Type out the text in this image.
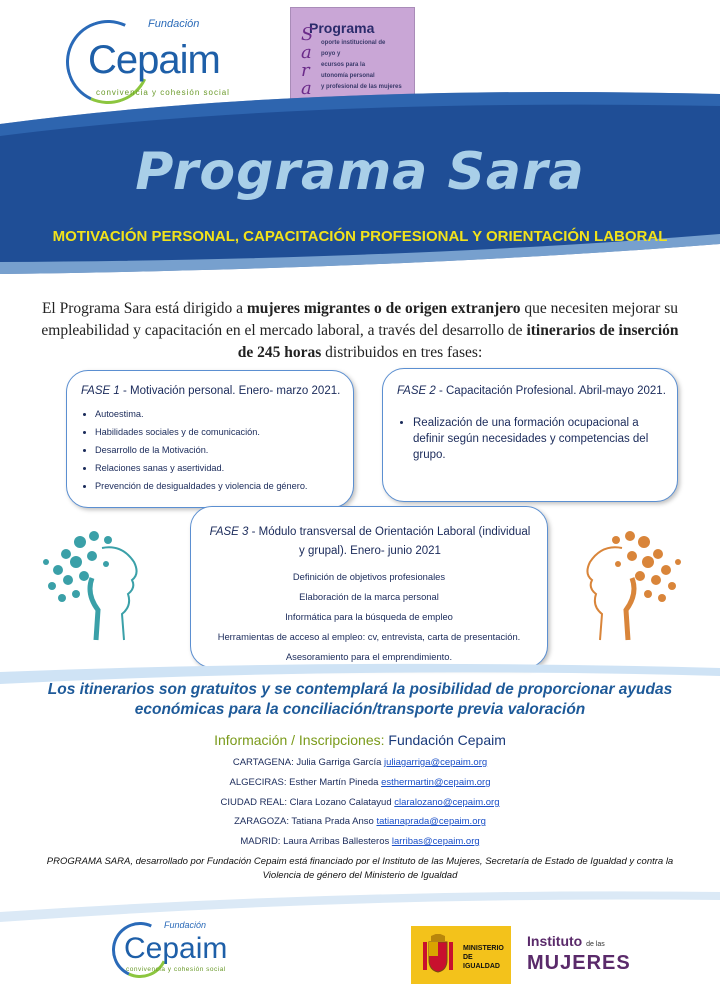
Fundación
Cepaim
convivencia y cohesión social
Programa
Sara
oporte institucional de
poyo y
ecursos para la
utonomía personal
y profesional de las mujeres
Programa Sara
MOTIVACIÓN PERSONAL, CAPACITACIÓN PROFESIONAL Y ORIENTACIÓN LABORAL
El Programa Sara está dirigido a mujeres migrantes o de origen extranjero que necesiten mejorar su empleabilidad y capacitación en el mercado laboral, a través del desarrollo de itinerarios de inserción de 245 horas distribuidos en tres fases:
FASE 1 - Motivación personal. Enero- marzo 2021.
• Autoestima.
• Habilidades sociales y de comunicación.
• Desarrollo de la Motivación.
• Relaciones sanas y asertividad.
• Prevención de desigualdades y violencia de género.
FASE 2 - Capacitación Profesional. Abril-mayo 2021.
• Realización de una formación ocupacional a definir según necesidades y competencias del grupo.
FASE 3 - Módulo transversal de Orientación Laboral (individual y grupal). Enero- junio 2021
Definición de objetivos profesionales
Elaboración de la marca personal
Informática para la búsqueda de empleo
Herramientas de acceso al empleo: cv, entrevista, carta de presentación.
Asesoramiento para el emprendimiento.
Los itinerarios son gratuitos y se contemplará la posibilidad de proporcionar ayudas económicas para la conciliación/transporte previa valoración
Información / Inscripciones: Fundación Cepaim
CARTAGENA: Julia Garriga García juliagarriga@cepaim.org
ALGECIRAS: Esther Martín Pineda esthermartin@cepaim.org
CIUDAD REAL: Clara Lozano Calatayud claralozano@cepaim.org
ZARAGOZA: Tatiana Prada Anso tatianaprada@cepaim.org
MADRID: Laura Arribas Ballesteros larribas@cepaim.org
PROGRAMA SARA, desarrollado por Fundación Cepaim está financiado por el Instituto de las Mujeres, Secretaría de Estado de Igualdad y contra la Violencia de género del Ministerio de Igualdad
Fundación
Cepaim
convivencia y cohesión social
MINISTERIO
DE IGUALDAD
Instituto de las
MUJERES
